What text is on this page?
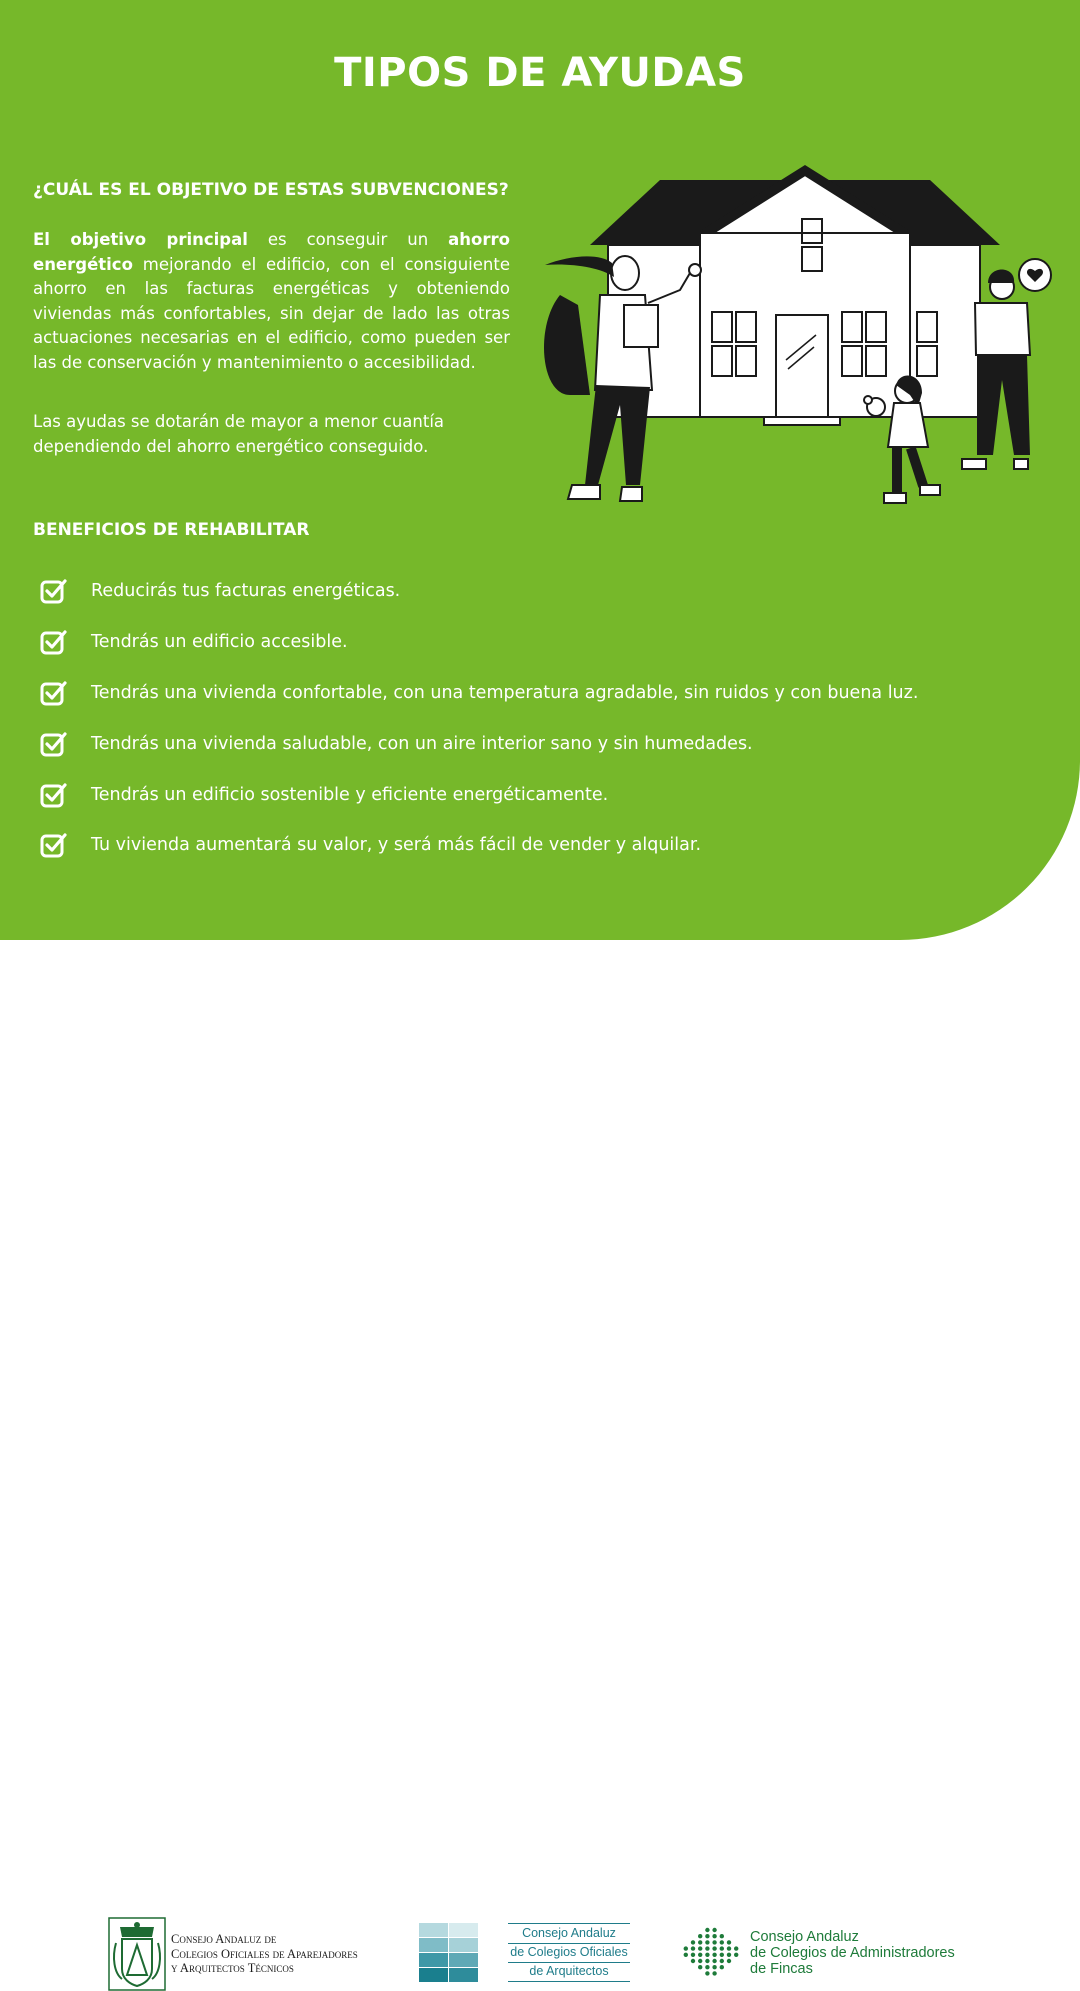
TIPOS DE AYUDAS
¿CUÁL ES EL OBJETIVO DE ESTAS SUBVENCIONES?

El objetivo principal es conseguir un ahorro energético mejorando el edificio, con el consiguiente ahorro en las facturas energéticas y obteniendo viviendas más confortables, sin dejar de lado las otras actuaciones necesarias en el edificio, como pueden ser las de conservación y mantenimiento o accesibilidad.

Las ayudas se dotarán de mayor a menor cuantía dependiendo del ahorro energético conseguido.

BENEFICIOS DE REHABILITAR
Reducirás tus facturas energéticas.
Tendrás un edificio accesible.
Tendrás una vivienda confortable, con una temperatura agradable, sin ruidos y con buena luz.
Tendrás una vivienda saludable, con un aire interior sano y sin humedades.
Tendrás un edificio sostenible y eficiente energéticamente.
Tu vivienda aumentará su valor, y será más fácil de vender y alquilar.
Consejo Andaluz de
Colegios Oficiales de Aparejadores
y Arquitectos Técnicos
Consejo Andaluz
de Colegios Oficiales
de Arquitectos
Consejo Andaluz
de Colegios de Administradores
de Fincas
